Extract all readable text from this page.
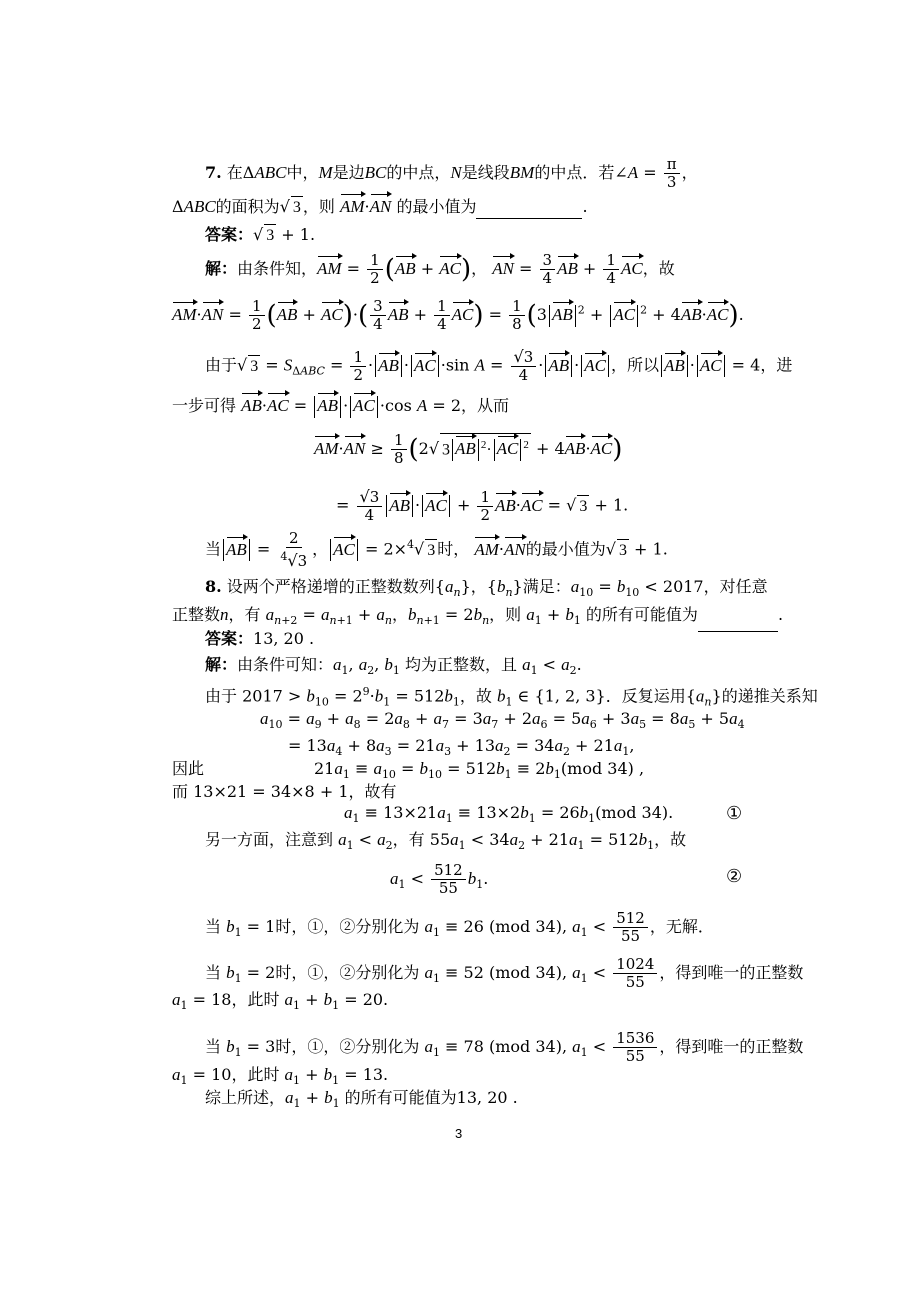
7. 在ΔABC中，M是边BC的中点，N是线段BM的中点．若∠A = $\frac{\pi}{3}$ ，
ΔABC的面积为√ 3 ，则 AM·AN 的最小值为	.
答案：√ 3 + 1.
解：由条件知，AM = $\frac{1}{2} (AB + AC)$， AN = $\frac{3}{4}$ AB + $\frac{1}{4}$ AC，故
$AM\cdot AN = \frac{1}{2} (AB + AC)\cdot( \frac{3}{4}$ AB + $\frac{1}{4} AC) = \frac{1}{8} (3$ AB $^2$ + AC $^2$ + 4AB·AC).
由于√ $3 = S_{\Delta ABC} = \frac{1}{2}$ · AB · AC ·sin $A = \frac{√3}{4}$ · AB · AC ，所以 AB · AC = 4，进
一步可得 AB·AC = AB · AC ·cos A = 2，从而
$AM\cdot AN \ge \frac{1}{8} (2√$ 3 AB $^2$· AC $^2$ + 4AB·AC)
= $\frac{√3}{4}$ AB · AC + $\frac{1}{2} AB\cdot AC$ = √ 3 + 1.
当 AB = $\frac{2}{^4√3}$ ， AC = 2×$^4$√ 3 时， AM·AN的最小值为√ 3 + 1.
8. 设两个严格递增的正整数数列$\{a_n\}$，$\{b_n\}$满足：$a_{10} = b_{10} < 2017$，对任意
正整数n，有 $a_{n+2} = a_{n+1} + a_n$，$b_{n+1} = 2b_n$，则 $a_1 + b_1$ 的所有可能值为	.
答案：13, 20 .
解：由条件可知：$a_1$, $a_2$, $b_1$ 均为正整数，且 $a_1 < a_2$.
由于 $2017 > b_{10} = 2^9\cdot b_1 = 512b_1$，故 $b_1$ ∈ {1, 2, 3}．反复运用$\{a_n\}$的递推关系知
$a_{10} = a_9 + a_8 = 2a_8 + a_7 = 3a_7 + 2a_6 = 5a_6 + 3a_5 = 8a_5 + 5a_4$
= $13a_4 + 8a_3 = 21a_3 + 13a_2 = 34a_2 + 21a_1$,
因此	$21a_1 \equiv a_{10} = b_{10} = 512b_1 \equiv 2b_1(mod$ 34) ,
而 13×21 = 34×8 + 1，故有
$a_1 \equiv 13\times 21a_1 \equiv 13\times 2b_1 = 26b_1(mod$ 34).	①
另一方面，注意到 $a_1 < a_2$，有 $55a_1 < 34a_2 + 21a_1 = 512b_1$，故
$a_1 < \frac{512}{55} b_1$.	②
当 $b_1 = 1$时，①，②分别化为 $a_1 \equiv 26$ (mod 34), $a_1 < \frac{512}{55}$ ，无解．
当 $b_1 = 2$时，①，②分别化为 $a_1 \equiv 52$ (mod 34), $a_1 < \frac{1024}{55}$ ，得到唯一的正整数
$a_1 = 18$，此时 $a_1 + b_1 = 20$.
当 $b_1 = 3$时，①，②分别化为 $a_1 \equiv 78$ (mod 34), $a_1 < \frac{1536}{55}$ ，得到唯一的正整数
$a_1 = 10$，此时 $a_1 + b_1 = 13$.
综上所述，$a_1 + b_1$ 的所有可能值为13, 20 .
3
